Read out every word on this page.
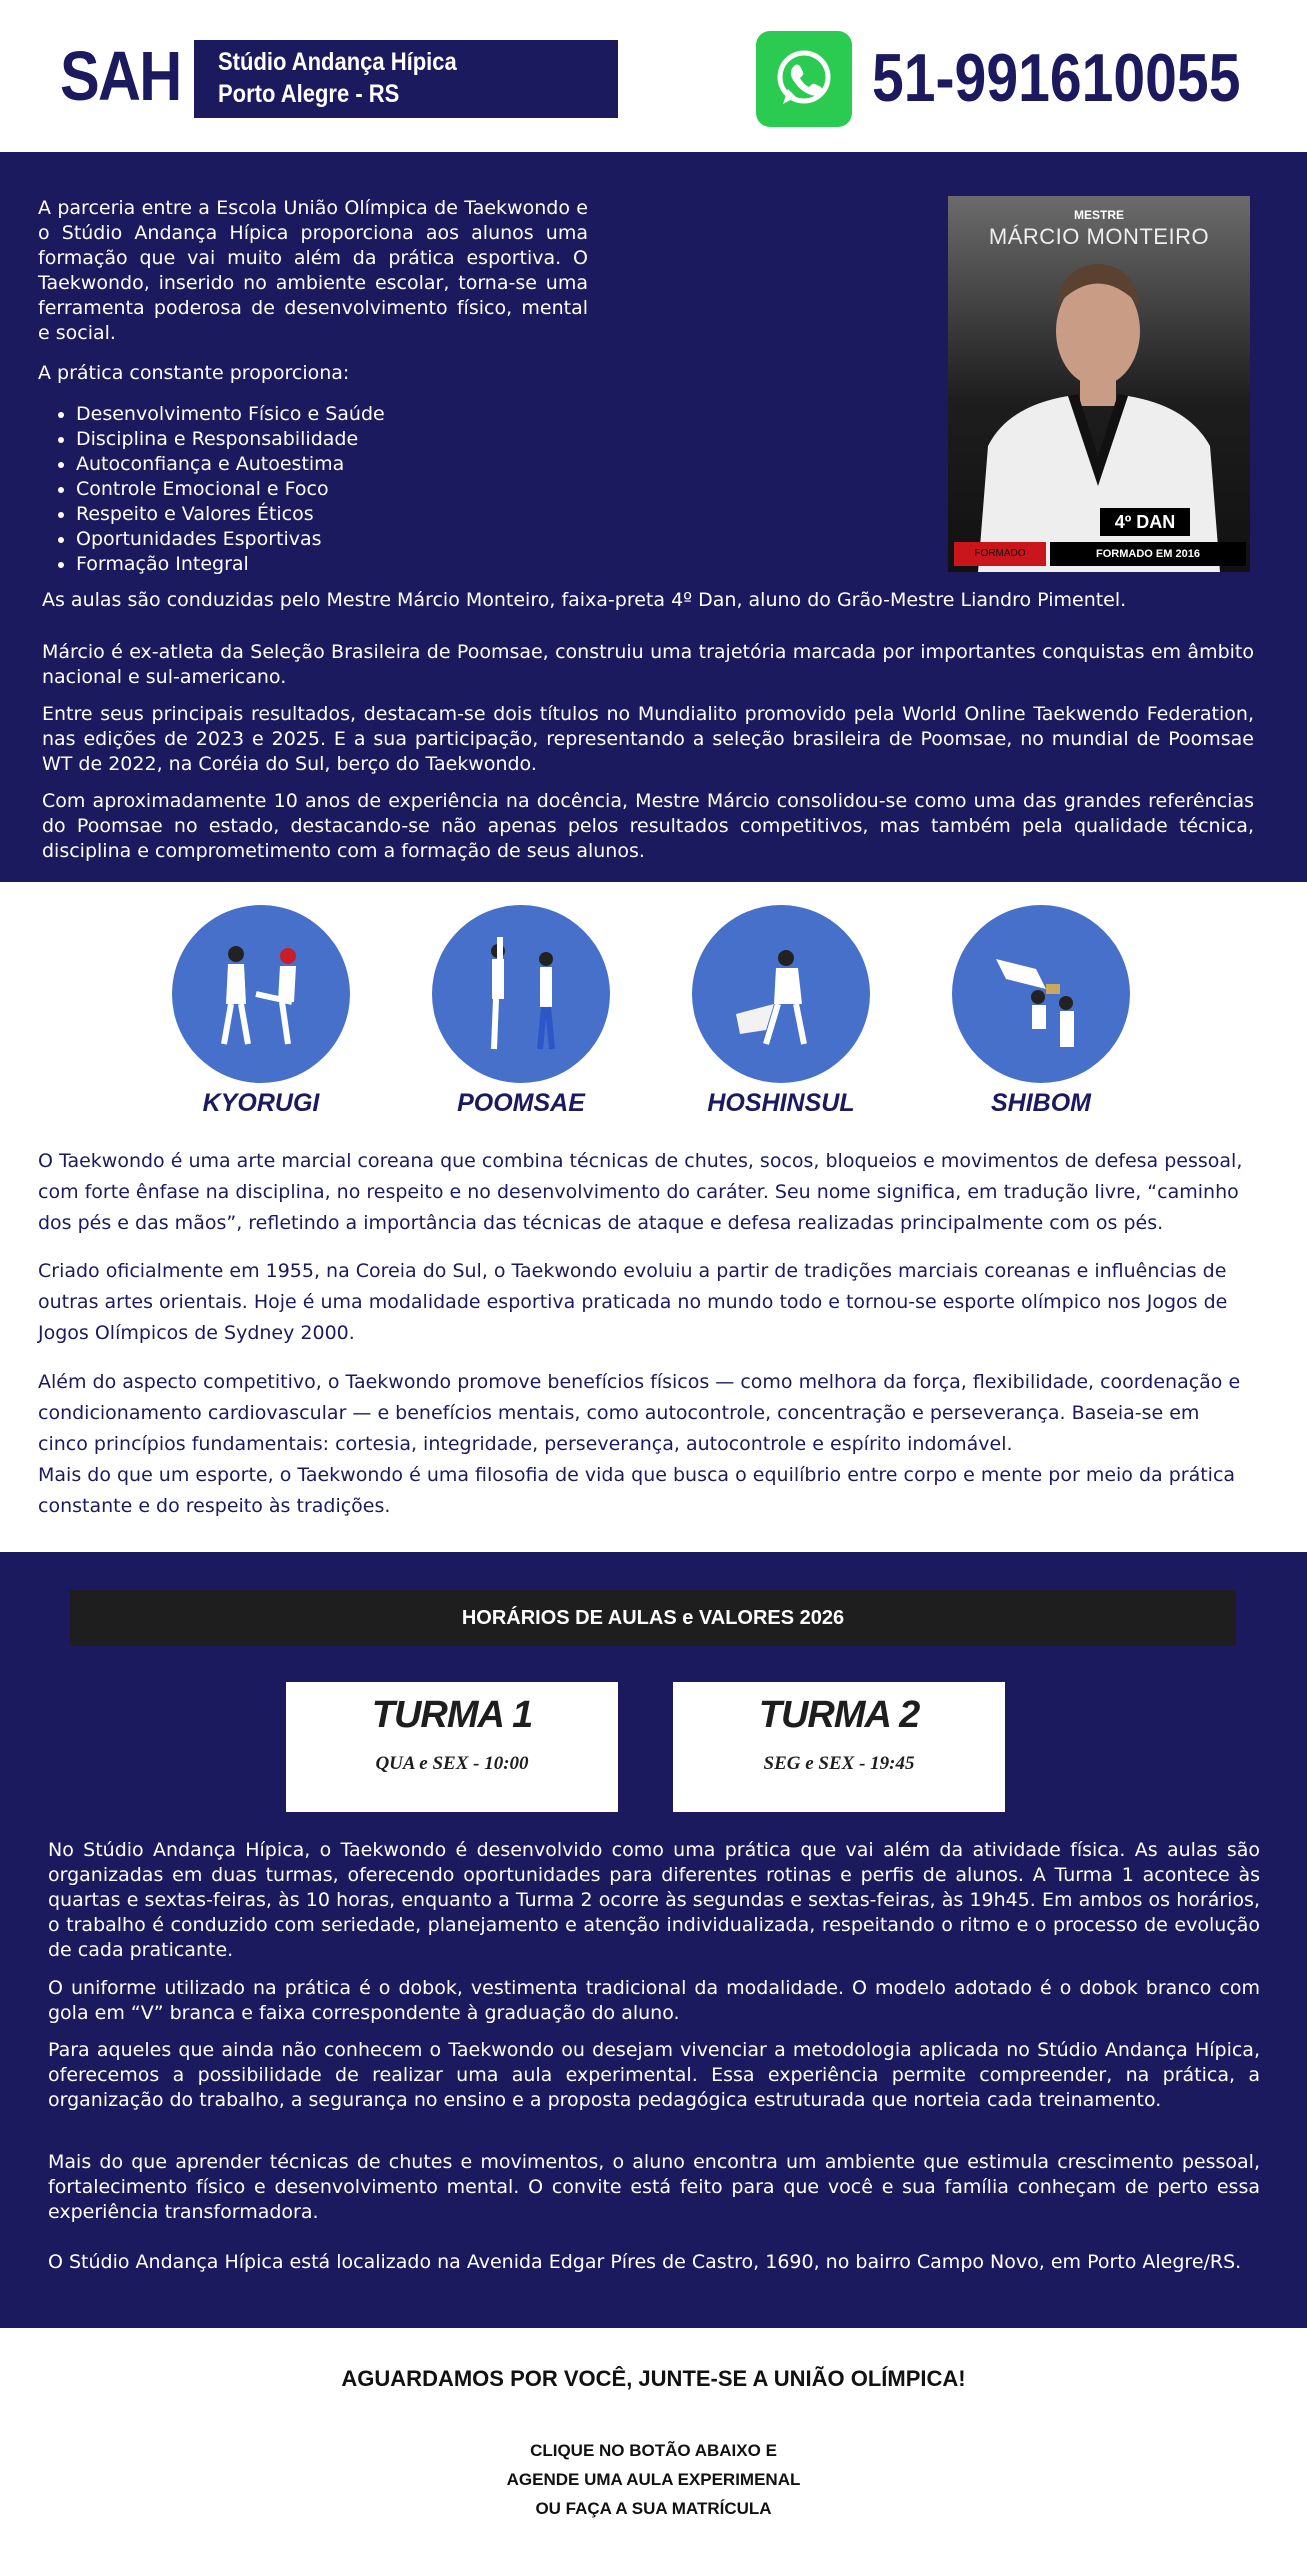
SAH Stúdio Andança Hípica
Porto Alegre - RS	51-991610055

A parceria entre a Escola União Olímpica de Taekwondo e o Stúdio Andança Hípica proporciona aos alunos uma formação que vai muito além da prática esportiva. O Taekwondo, inserido no ambiente escolar, torna-se uma ferramenta poderosa de desenvolvimento físico, mental e social.

A prática constante proporciona:

• Desenvolvimento Físico e Saúde
• Disciplina e Responsabilidade
• Autoconfiança e Autoestima
• Controle Emocional e Foco
• Respeito e Valores Éticos
• Oportunidades Esportivas
• Formação Integral
MESTRE
MÁRCIO MONTEIRO
4º DAN
FORMADO	FORMADO EM 2016

As aulas são conduzidas pelo Mestre Márcio Monteiro, faixa-preta 4º Dan, aluno do Grão-Mestre Liandro Pimentel.

Márcio é ex-atleta da Seleção Brasileira de Poomsae, construiu uma trajetória marcada por importantes conquistas em âmbito nacional e sul-americano.

Entre seus principais resultados, destacam-se dois títulos no Mundialito promovido pela World Online Taekwendo Federation, nas edições de 2023 e 2025. E a sua participação, representando a seleção brasileira de Poomsae, no mundial de Poomsae WT de 2022, na Coréia do Sul, berço do Taekwondo.

Com aproximadamente 10 anos de experiência na docência, Mestre Márcio consolidou-se como uma das grandes referências do Poomsae no estado, destacando-se não apenas pelos resultados competitivos, mas também pela qualidade técnica, disciplina e comprometimento com a formação de seus alunos.

KYORUGI	POOMSAE	HOSHINSUL	SHIBOM

O Taekwondo é uma arte marcial coreana que combina técnicas de chutes, socos, bloqueios e movimentos de defesa pessoal, com forte ênfase na disciplina, no respeito e no desenvolvimento do caráter. Seu nome significa, em tradução livre, “caminho dos pés e das mãos”, refletindo a importância das técnicas de ataque e defesa realizadas principalmente com os pés.

Criado oficialmente em 1955, na Coreia do Sul, o Taekwondo evoluiu a partir de tradições marciais coreanas e influências de outras artes orientais. Hoje é uma modalidade esportiva praticada no mundo todo e tornou-se esporte olímpico nos Jogos de Jogos Olímpicos de Sydney 2000.

Além do aspecto competitivo, o Taekwondo promove benefícios físicos — como melhora da força, flexibilidade, coordenação e condicionamento cardiovascular — e benefícios mentais, como autocontrole, concentração e perseverança. Baseia-se em cinco princípios fundamentais: cortesia, integridade, perseverança, autocontrole e espírito indomável.

Mais do que um esporte, o Taekwondo é uma filosofia de vida que busca o equilíbrio entre corpo e mente por meio da prática constante e do respeito às tradições.

HORÁRIOS DE AULAS e VALORES 2026
TURMA 1
QUA e SEX - 10:00
TURMA 2
SEG e SEX - 19:45

No Stúdio Andança Hípica, o Taekwondo é desenvolvido como uma prática que vai além da atividade física. As aulas são organizadas em duas turmas, oferecendo oportunidades para diferentes rotinas e perfis de alunos. A Turma 1 acontece às quartas e sextas-feiras, às 10 horas, enquanto a Turma 2 ocorre às segundas e sextas-feiras, às 19h45. Em ambos os horários, o trabalho é conduzido com seriedade, planejamento e atenção individualizada, respeitando o ritmo e o processo de evolução de cada praticante.

O uniforme utilizado na prática é o dobok, vestimenta tradicional da modalidade. O modelo adotado é o dobok branco com gola em “V” branca e faixa correspondente à graduação do aluno.

Para aqueles que ainda não conhecem o Taekwondo ou desejam vivenciar a metodologia aplicada no Stúdio Andança Hípica, oferecemos a possibilidade de realizar uma aula experimental. Essa experiência permite compreender, na prática, a organização do trabalho, a segurança no ensino e a proposta pedagógica estruturada que norteia cada treinamento.

Mais do que aprender técnicas de chutes e movimentos, o aluno encontra um ambiente que estimula crescimento pessoal, fortalecimento físico e desenvolvimento mental. O convite está feito para que você e sua família conheçam de perto essa experiência transformadora.

O Stúdio Andança Hípica está localizado na Avenida Edgar Píres de Castro, 1690, no bairro Campo Novo, em Porto Alegre/RS.

AGUARDAMOS POR VOCÊ, JUNTE-SE A UNIÃO OLÍMPICA!
CLIQUE NO BOTÃO ABAIXO E
AGENDE UMA AULA EXPERIMENAL
OU FAÇA A SUA MATRÍCULA
